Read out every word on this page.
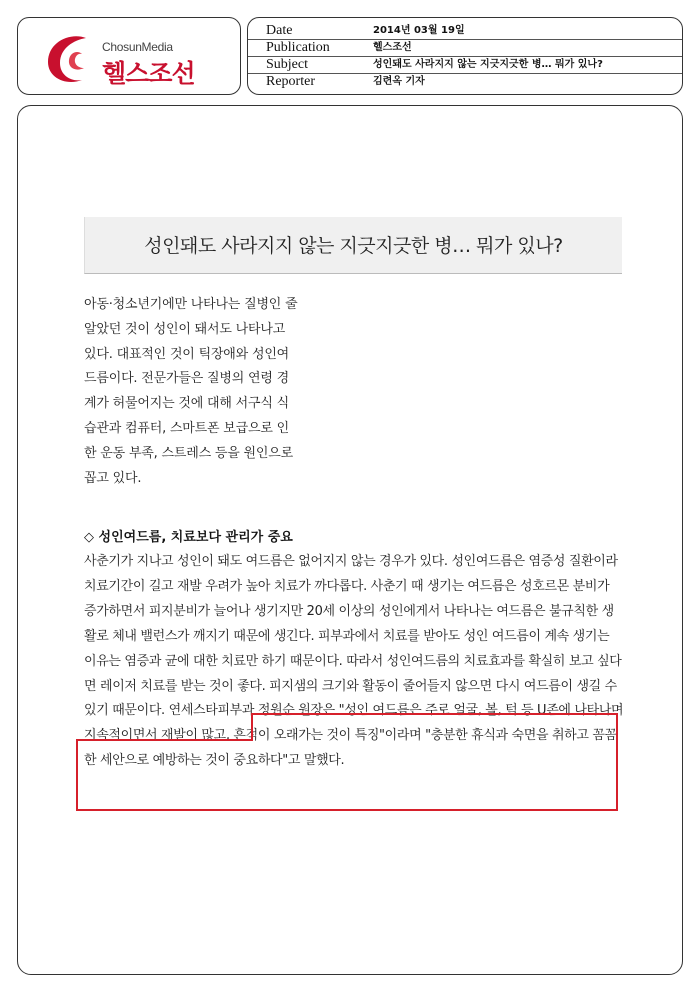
ChosunMedia
헬스조선
Date	2014년 03월 19일
Publication	헬스조선
Subject	성인돼도 사라지지 않는 지긋지긋한 병… 뭐가 있나?
Reporter	김련옥 기자
성인돼도 사라지지 않는 지긋지긋한 병… 뭐가 있나?
아동·청소년기에만 나타나는 질병인 줄 알았던 것이 성인이 돼서도 나타나고 있다. 대표적인 것이 틱장애와 성인여드름이다. 전문가들은 질병의 연령 경계가 허물어지는 것에 대해 서구식 식습관과 컴퓨터, 스마트폰 보급으로 인한 운동 부족, 스트레스 등을 원인으로 꼽고 있다.
◇ 성인여드름, 치료보다 관리가 중요
사춘기가 지나고 성인이 돼도 여드름은 없어지지 않는 경우가 있다. 성인여드름은 염증성 질환이라 치료기간이 길고 재발 우려가 높아 치료가 까다롭다. 사춘기 때 생기는 여드름은 성호르몬 분비가 증가하면서 피지분비가 늘어나 생기지만 20세 이상의 성인에게서 나타나는 여드름은 불규칙한 생활로 체내 밸런스가 깨지기 때문에 생긴다. 피부과에서 치료를 받아도 성인 여드름이 계속 생기는 이유는 염증과 균에 대한 치료만 하기 때문이다. 따라서 성인여드름의 치료효과를 확실히 보고 싶다면 레이저 치료를 받는 것이 좋다. 피지샘의 크기와 활동이 줄어들지 않으면 다시 여드름이 생길 수 있기 때문이다. 연세스타피부과 정원순 원장은 "성인 여드름은 주로 얼굴, 볼, 턱 등 U존에 나타나며 지속적이면서 재발이 많고, 흔적이 오래가는 것이 특징"이라며 "충분한 휴식과 숙면을 취하고 꼼꼼한 세안으로 예방하는 것이 중요하다"고 말했다.
